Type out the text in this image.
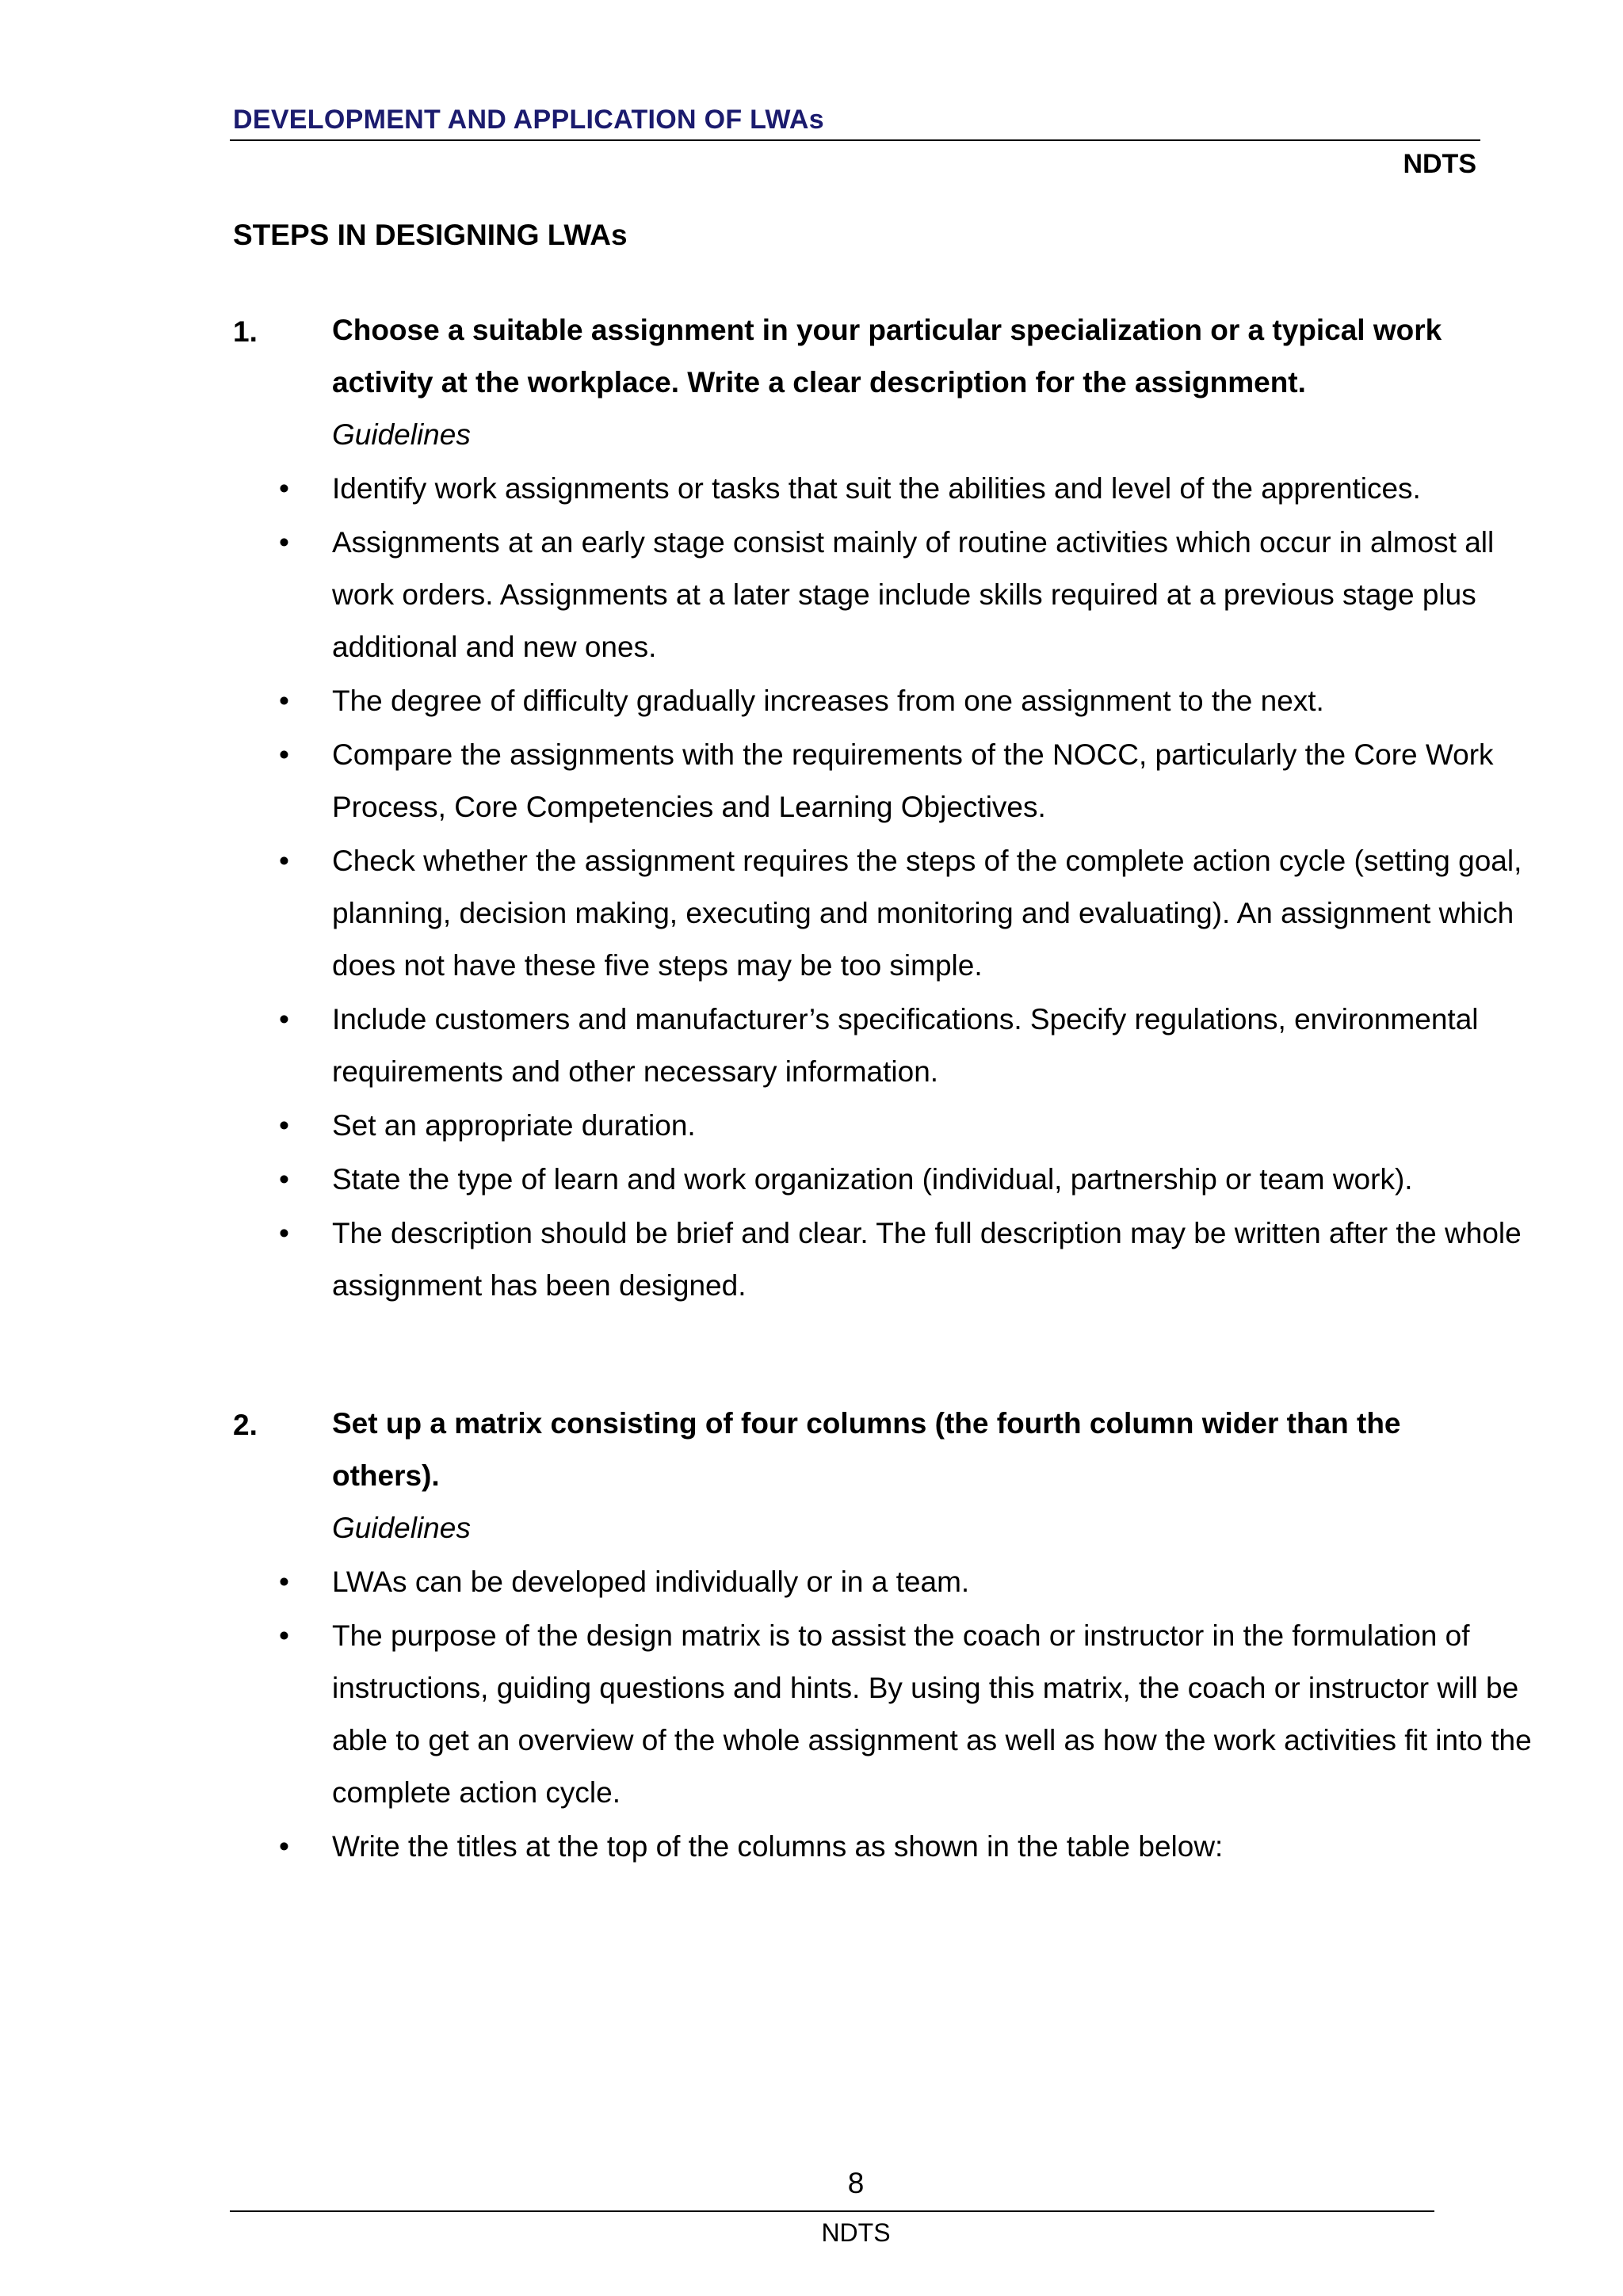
DEVELOPMENT AND APPLICATION OF LWAs
NDTS
STEPS IN DESIGNING LWAs
1.	Choose a suitable assignment in your particular specialization or a typical work activity at the workplace. Write a clear description for the assignment.
Guidelines
• Identify work assignments or tasks that suit the abilities and level of the apprentices.
• Assignments at an early stage consist mainly of routine activities which occur in almost all work orders. Assignments at a later stage include skills required at a previous stage plus additional and new ones.
• The degree of difficulty gradually increases from one assignment to the next.
• Compare the assignments with the requirements of the NOCC, particularly the Core Work Process, Core Competencies and Learning Objectives.
• Check whether the assignment requires the steps of the complete action cycle (setting goal, planning, decision making, executing and monitoring and evaluating). An assignment which does not have these five steps may be too simple.
• Include customers and manufacturer’s specifications. Specify regulations, environmental requirements and other necessary information.
• Set an appropriate duration.
• State the type of learn and work organization (individual, partnership or team work).
• The description should be brief and clear. The full description may be written after the whole assignment has been designed.
2.	Set up a matrix consisting of four columns (the fourth column wider than the others).
Guidelines
• LWAs can be developed individually or in a team.
• The purpose of the design matrix is to assist the coach or instructor in the formulation of instructions, guiding questions and hints. By using this matrix, the coach or instructor will be able to get an overview of the whole assignment as well as how the work activities fit into the complete action cycle.
• Write the titles at the top of the columns as shown in the table below:
8
NDTS
